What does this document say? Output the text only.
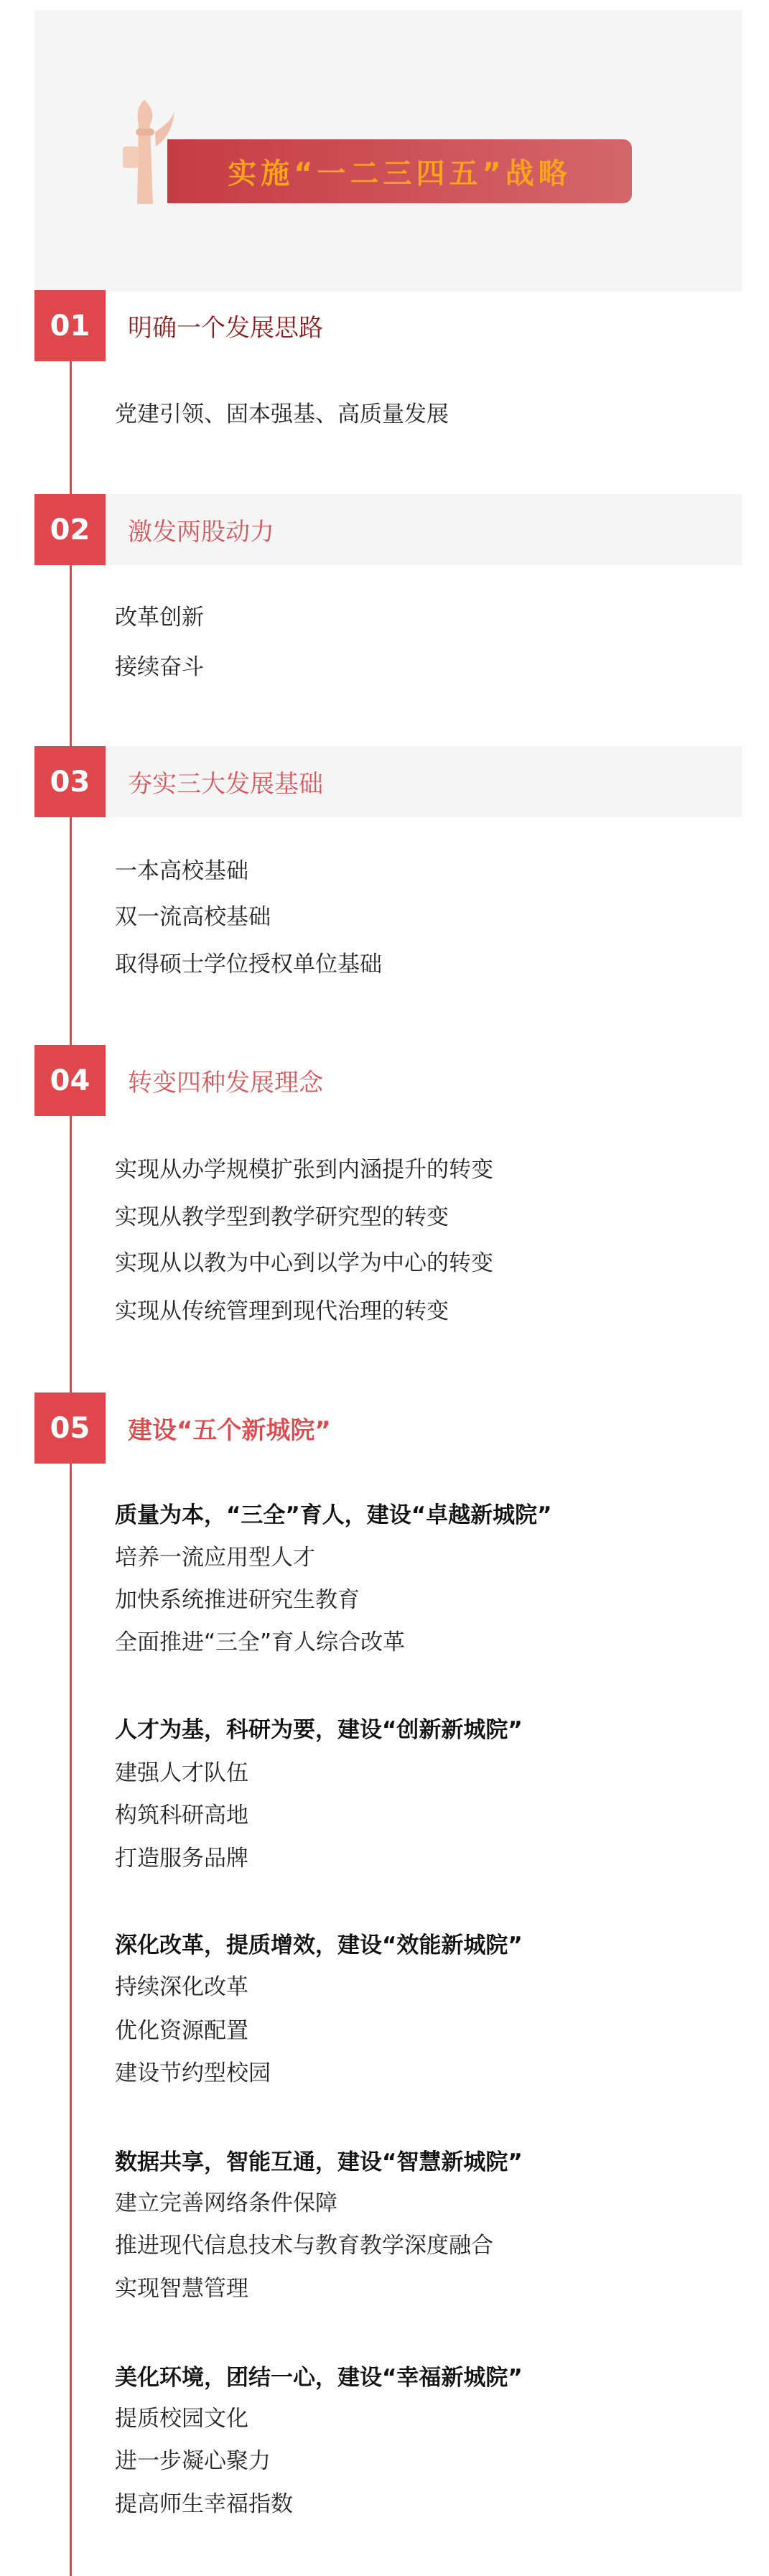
实施“一二三四五”战略
01	明确一个发展思路
党建引领、固本强基、高质量发展
02	激发两股动力
改革创新
接续奋斗
03	夯实三大发展基础
一本高校基础
双一流高校基础
取得硕士学位授权单位基础
04	转变四种发展理念
实现从办学规模扩张到内涵提升的转变
实现从教学型到教学研究型的转变
实现从以教为中心到以学为中心的转变
实现从传统管理到现代治理的转变
05	建设“五个新城院”
质量为本，“三全”育人，建设“卓越新城院”
培养一流应用型人才
加快系统推进研究生教育
全面推进“三全”育人综合改革
人才为基，科研为要，建设“创新新城院”
建强人才队伍
构筑科研高地
打造服务品牌
深化改革，提质增效，建设“效能新城院”
持续深化改革
优化资源配置
建设节约型校园
数据共享，智能互通，建设“智慧新城院”
建立完善网络条件保障
推进现代信息技术与教育教学深度融合
实现智慧管理
美化环境，团结一心，建设“幸福新城院”
提质校园文化
进一步凝心聚力
提高师生幸福指数
